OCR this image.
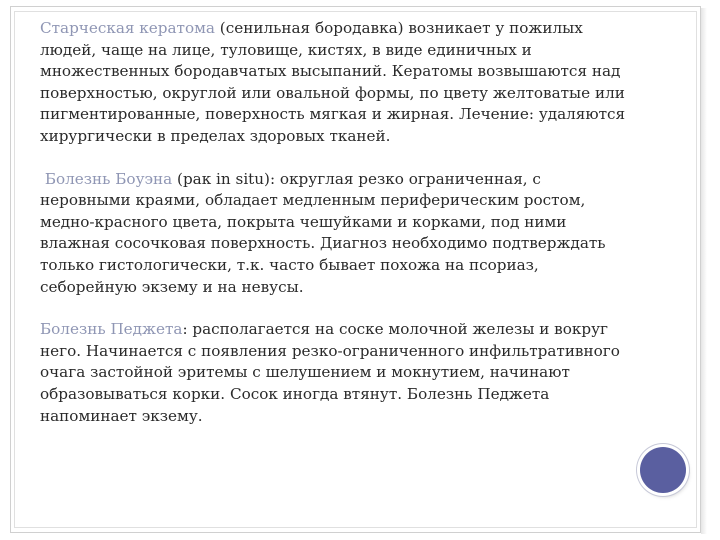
Старческая кератома (сенильная бородавка) возникает у пожилых людей, чаще на лице, туловище, кистях, в виде единичных и множественных бородавчатых высыпаний. Кератомы возвышаются над поверхностью, округлой или овальной формы, по цвету желтоватые или пигментированные, поверхность мягкая и жирная. Лечение: удаляются хирургически в пределах здоровых тканей.

Болезнь Боуэна (рак in situ): округлая резко ограниченная, с неровными краями, обладает медленным периферическим ростом, медно-красного цвета, покрыта чешуйками и корками, под ними влажная сосочковая поверхность. Диагноз необходимо подтверждать только гистологически, т.к. часто бывает похожа на псориаз, себорейную экзему и на невусы.

Болезнь Педжета: располагается на соске молочной железы и вокруг него. Начинается с появления резко-ограниченного инфильтративного очага застойной эритемы с шелушением и мокнутием, начинают образовываться корки. Сосок иногда втянут. Болезнь Педжета напоминает экзему.
